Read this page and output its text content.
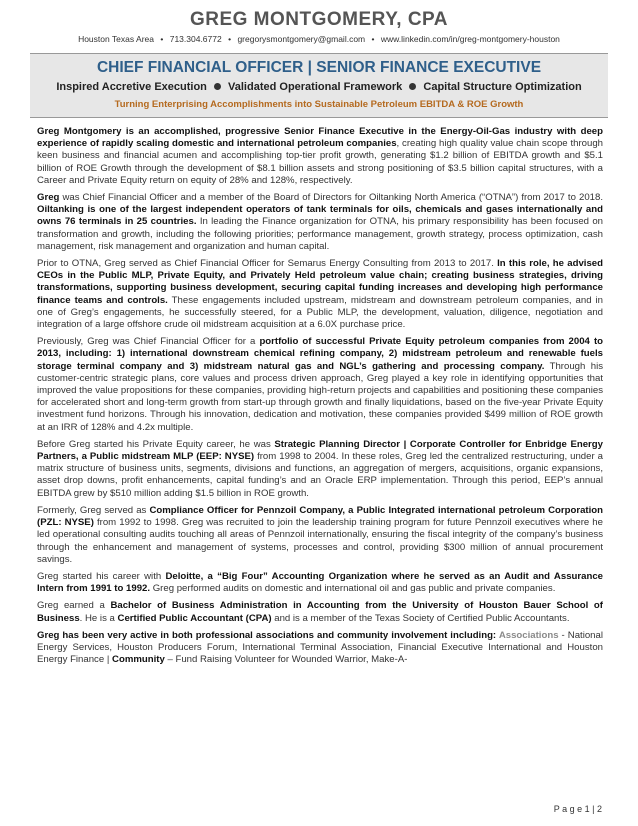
GREG MONTGOMERY, CPA
Houston Texas Area • 713.304.6772 • gregorysmontgomery@gmail.com • www.linkedin.com/in/greg-montgomery-houston
CHIEF FINANCIAL OFFICER | SENIOR FINANCE EXECUTIVE
Inspired Accretive Execution Validated Operational Framework Capital Structure Optimization
Turning Enterprising Accomplishments into Sustainable Petroleum EBITDA & ROE Growth

Greg Montgomery is an accomplished, progressive Senior Finance Executive in the Energy-Oil-Gas industry with deep experience of rapidly scaling domestic and international petroleum companies, creating high quality value chain scope through keen business and financial acumen and accomplishing top-tier profit growth, generating $1.2 billion of EBITDA growth and $5.1 billion of ROE Growth through the development of $8.1 billion assets and strong positioning of $3.5 billion capital structures, with a Career and Private Equity return on equity of 28% and 128%, respectively.

Greg was Chief Financial Officer and a member of the Board of Directors for Oiltanking North America (“OTNA”) from 2017 to 2018. Oiltanking is one of the largest independent operators of tank terminals for oils, chemicals and gases internationally and owns 76 terminals in 25 countries. In leading the Finance organization for OTNA, his primary responsibility has been focused on transformation and growth, including the following priorities; performance management, growth strategy, process optimization, cash management, risk management and organization and human capital.

Prior to OTNA, Greg served as Chief Financial Officer for Semarus Energy Consulting from 2013 to 2017. In this role, he advised CEOs in the Public MLP, Private Equity, and Privately Held petroleum value chain; creating business strategies, driving transformations, supporting business development, securing capital funding increases and developing high performance finance teams and controls. These engagements included upstream, midstream and downstream petroleum companies, and in one of Greg’s engagements, he successfully steered, for a Public MLP, the development, valuation, diligence, negotiation and integration of a large offshore crude oil midstream acquisition at a 6.0X purchase price.

Previously, Greg was Chief Financial Officer for a portfolio of successful Private Equity petroleum companies from 2004 to 2013, including: 1) international downstream chemical refining company, 2) midstream petroleum and renewable fuels storage terminal company and 3) midstream natural gas and NGL’s gathering and processing company. Through his customer-centric strategic plans, core values and process driven approach, Greg played a key role in identifying opportunities that improved the value propositions for these companies, providing high-return projects and capabilities and positioning these companies for accelerated short and long-term growth from start-up through growth and finally liquidations, based on the five-year Private Equity investment fund horizons. Through his innovation, dedication and motivation, these companies provided $499 million of ROE growth at an IRR of 128% and 4.2x multiple.

Before Greg started his Private Equity career, he was Strategic Planning Director | Corporate Controller for Enbridge Energy Partners, a Public midstream MLP (EEP: NYSE) from 1998 to 2004. In these roles, Greg led the centralized restructuring, under a matrix structure of business units, segments, divisions and functions, an aggregation of mergers, acquisitions, organic expansions, asset drop downs, profit enhancements, capital funding’s and an Oracle ERP implementation. Through this period, EEP’s annual EBITDA grew by $510 million adding $1.5 billion in ROE growth.

Formerly, Greg served as Compliance Officer for Pennzoil Company, a Public Integrated international petroleum Corporation (PZL: NYSE) from 1992 to 1998. Greg was recruited to join the leadership training program for future Pennzoil executives where he led operational consulting audits touching all areas of Pennzoil internationally, ensuring the fiscal integrity of the company’s business through the enhancement and management of systems, processes and control, providing $300 million of annual procurement savings.

Greg started his career with Deloitte, a “Big Four” Accounting Organization where he served as an Audit and Assurance Intern from 1991 to 1992. Greg performed audits on domestic and international oil and gas public and private companies.

Greg earned a Bachelor of Business Administration in Accounting from the University of Houston Bauer School of Business. He is a Certified Public Accountant (CPA) and is a member of the Texas Society of Certified Public Accountants.

Greg has been very active in both professional associations and community involvement including: Associations - National Energy Services, Houston Producers Forum, International Terminal Association, Financial Executive International and Houston Energy Finance | Community – Fund Raising Volunteer for Wounded Warrior, Make-A-

P a g e 1 | 2
